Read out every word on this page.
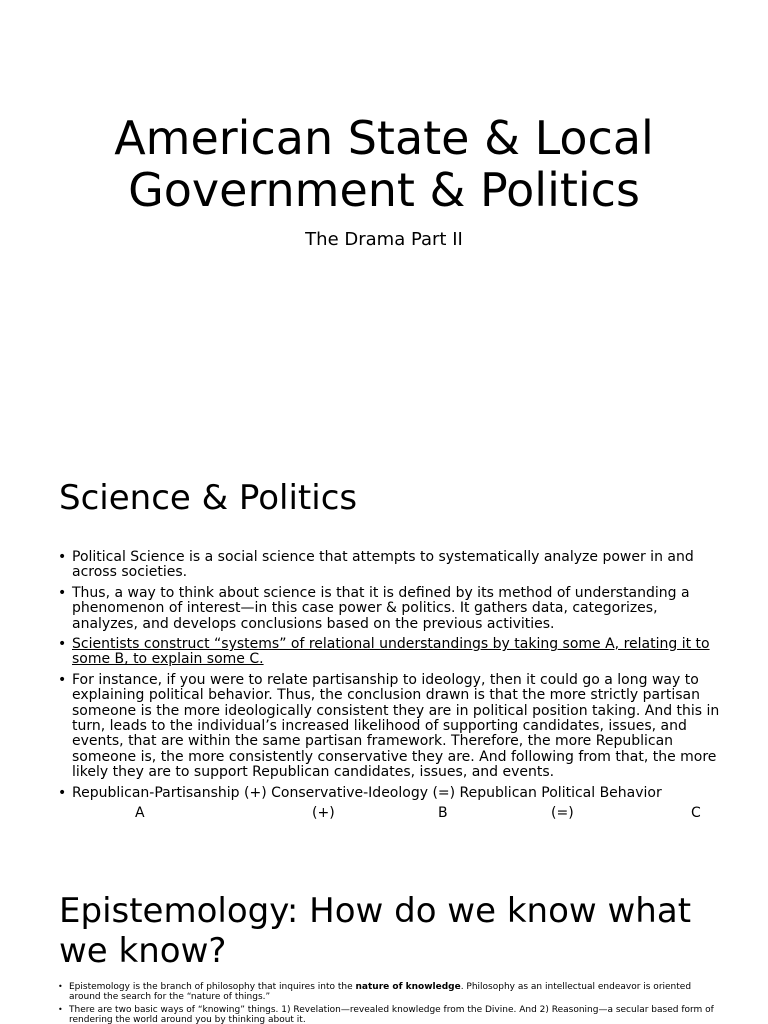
American State & Local
Government & Politics
The Drama Part II
Science & Politics
• Political Science is a social science that attempts to systematically analyze power in and across societies.
• Thus, a way to think about science is that it is defined by its method of understanding a phenomenon of interest—in this case power & politics. It gathers data, categorizes, analyzes, and develops conclusions based on the previous activities.
• Scientists construct “systems” of relational understandings by taking some A, relating it to some B, to explain some C.
• For instance, if you were to relate partisanship to ideology, then it could go a long way to explaining political behavior. Thus, the conclusion drawn is that the more strictly partisan someone is the more ideologically consistent they are in political position taking. And this in turn, leads to the individual’s increased likelihood of supporting candidates, issues, and events, that are within the same partisan framework. Therefore, the more Republican someone is, the more consistently conservative they are. And following from that, the more likely they are to support Republican candidates, issues, and events.
• Republican-Partisanship (+) Conservative-Ideology (=) Republican Political Behavior
A	(+)	B	(=)	C
Epistemology: How do we know what we know?
• Epistemology is the branch of philosophy that inquires into the nature of knowledge. Philosophy as an intellectual endeavor is oriented around the search for the “nature of things.”
• There are two basic ways of “knowing” things. 1) Revelation—revealed knowledge from the Divine. And 2) Reasoning—a secular based form of rendering the world around you by thinking about it.
